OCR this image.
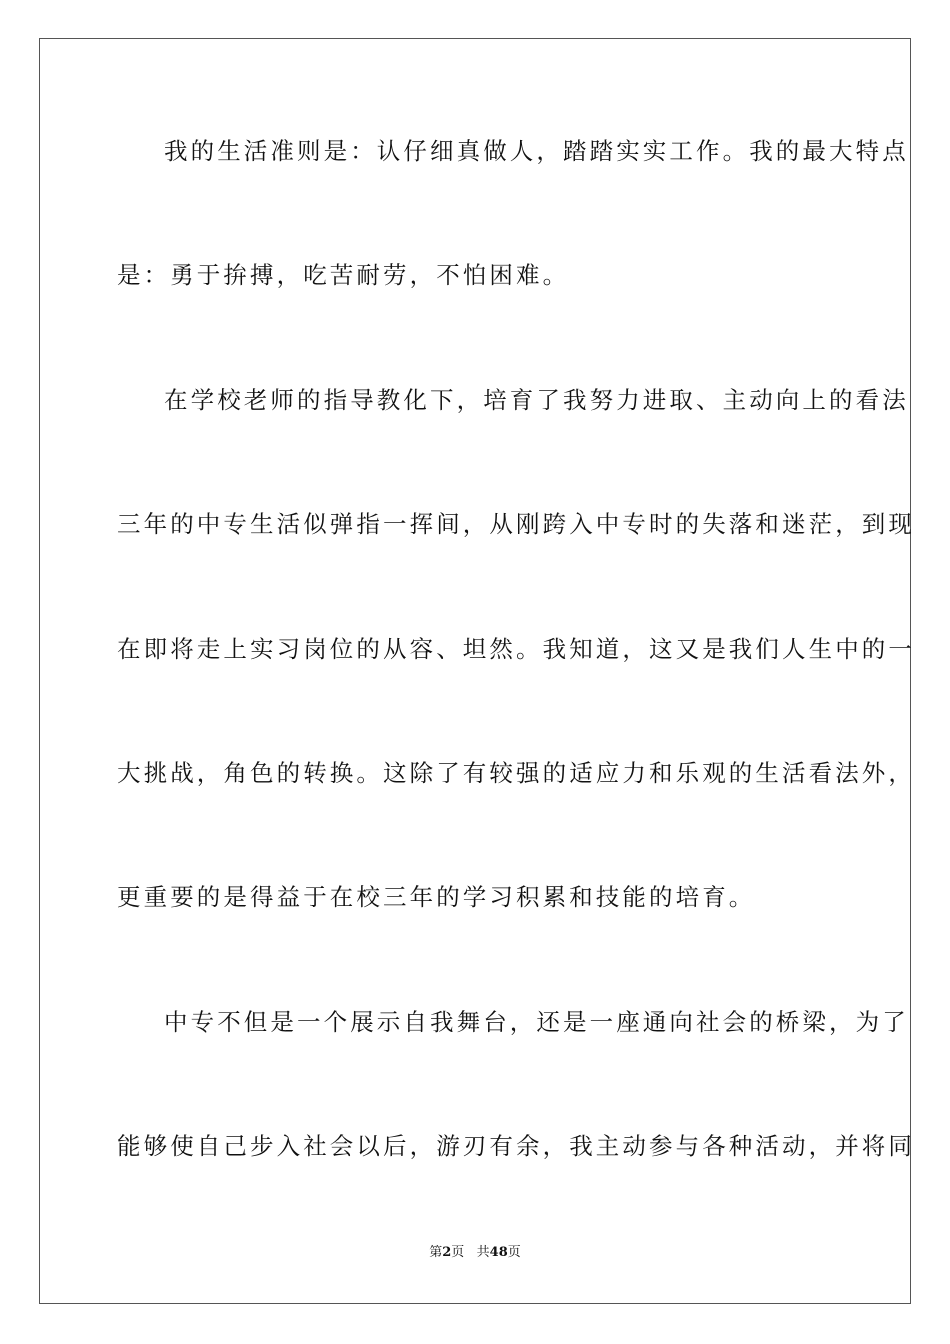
我的生活准则是：认仔细真做人，踏踏实实工作。我的最大特点
是：勇于拚搏，吃苦耐劳，不怕困难。
在学校老师的指导教化下，培育了我努力进取、主动向上的看法
三年的中专生活似弹指一挥间，从刚跨入中专时的失落和迷茫，到现
在即将走上实习岗位的从容、坦然。我知道，这又是我们人生中的一
大挑战，角色的转换。这除了有较强的适应力和乐观的生活看法外，
更重要的是得益于在校三年的学习积累和技能的培育。
中专不但是一个展示自我舞台，还是一座通向社会的桥梁，为了
能够使自己步入社会以后，游刃有余，我主动参与各种活动，并将同
第2页   共48页
